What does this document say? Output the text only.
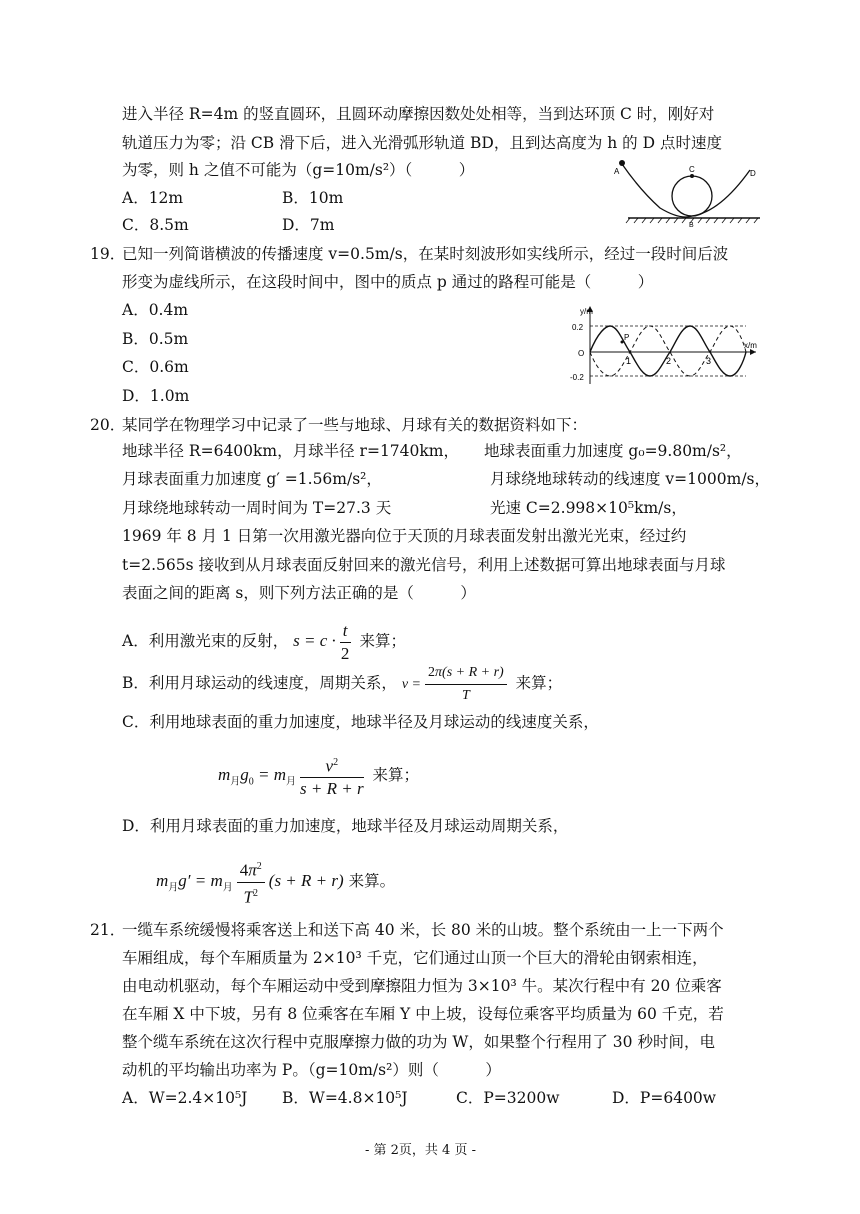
进入半径 R=4m 的竖直圆环，且圆环动摩擦因数处处相等，当到达环顶 C 时，刚好对
轨道压力为零；沿 CB 滑下后，进入光滑弧形轨道 BD，且到达高度为 h 的 D 点时速度
为零，则 h 之值不可能为（g=10m/s²）（　　　）
A．12m	B．10m
C．8.5m	D．7m
A	C	D
B
19．
已知一列简谐横波的传播速度 v=0.5m/s，在某时刻波形如实线所示，经过一段时间后波
形变为虚线所示，在这段时间中，图中的质点 p 通过的路程可能是（　　　）
A．0.4m
B．0.5m
C．0.6m
D．1.0m
y/m
x/m
O
0.2
-0.2
1	2	3
P
20．
某同学在物理学习中记录了一些与地球、月球有关的数据资料如下：
地球半径 R=6400km，月球半径 r=1740km， 地球表面重力加速度 g₀=9.80m/s²，
月球表面重力加速度 g′ =1.56m/s²，	月球绕地球转动的线速度 v=1000m/s，
月球绕地球转动一周时间为 T=27.3 天	光速 C=2.998×10⁵km/s，
1969 年 8 月 1 日第一次用激光器向位于天顶的月球表面发射出激光光束，经过约
t=2.565s 接收到从月球表面反射回来的激光信号，利用上述数据可算出地球表面与月球
表面之间的距离 s，则下列方法正确的是（　　　）
A．利用激光束的反射， $s = c \cdot \frac{t}{2}$ 来算；
B．利用月球运动的线速度，周期关系， $v = \frac{2\pi(s + R + r)}{T}$ 来算；
C．利用地球表面的重力加速度，地球半径及月球运动的线速度关系，
$m_月g_0 = m_月 \frac{v^2}{s + R + r}$ 来算；
D．利用月球表面的重力加速度，地球半径及月球运动周期关系，
$m_月g' = m_月 \frac{4\pi^2}{T^2} (s + R + r)$ 来算。
21．
一缆车系统缓慢将乘客送上和送下高 40 米，长 80 米的山坡。整个系统由一上一下两个
车厢组成，每个车厢质量为 2×10³ 千克，它们通过山顶一个巨大的滑轮由钢索相连，
由电动机驱动，每个车厢运动中受到摩擦阻力恒为 3×10³ 牛。某次行程中有 20 位乘客
在车厢 X 中下坡，另有 8 位乘客在车厢 Y 中上坡，设每位乘客平均质量为 60 千克，若
整个缆车系统在这次行程中克服摩擦力做的功为 W，如果整个行程用了 30 秒时间，电
动机的平均输出功率为 P。（g=10m/s²）则（　　　）
A．W=2.4×10⁵J B．W=4.8×10⁵J	C．P=3200w	D．P=6400w
- 第 2页，共 4 页 -
